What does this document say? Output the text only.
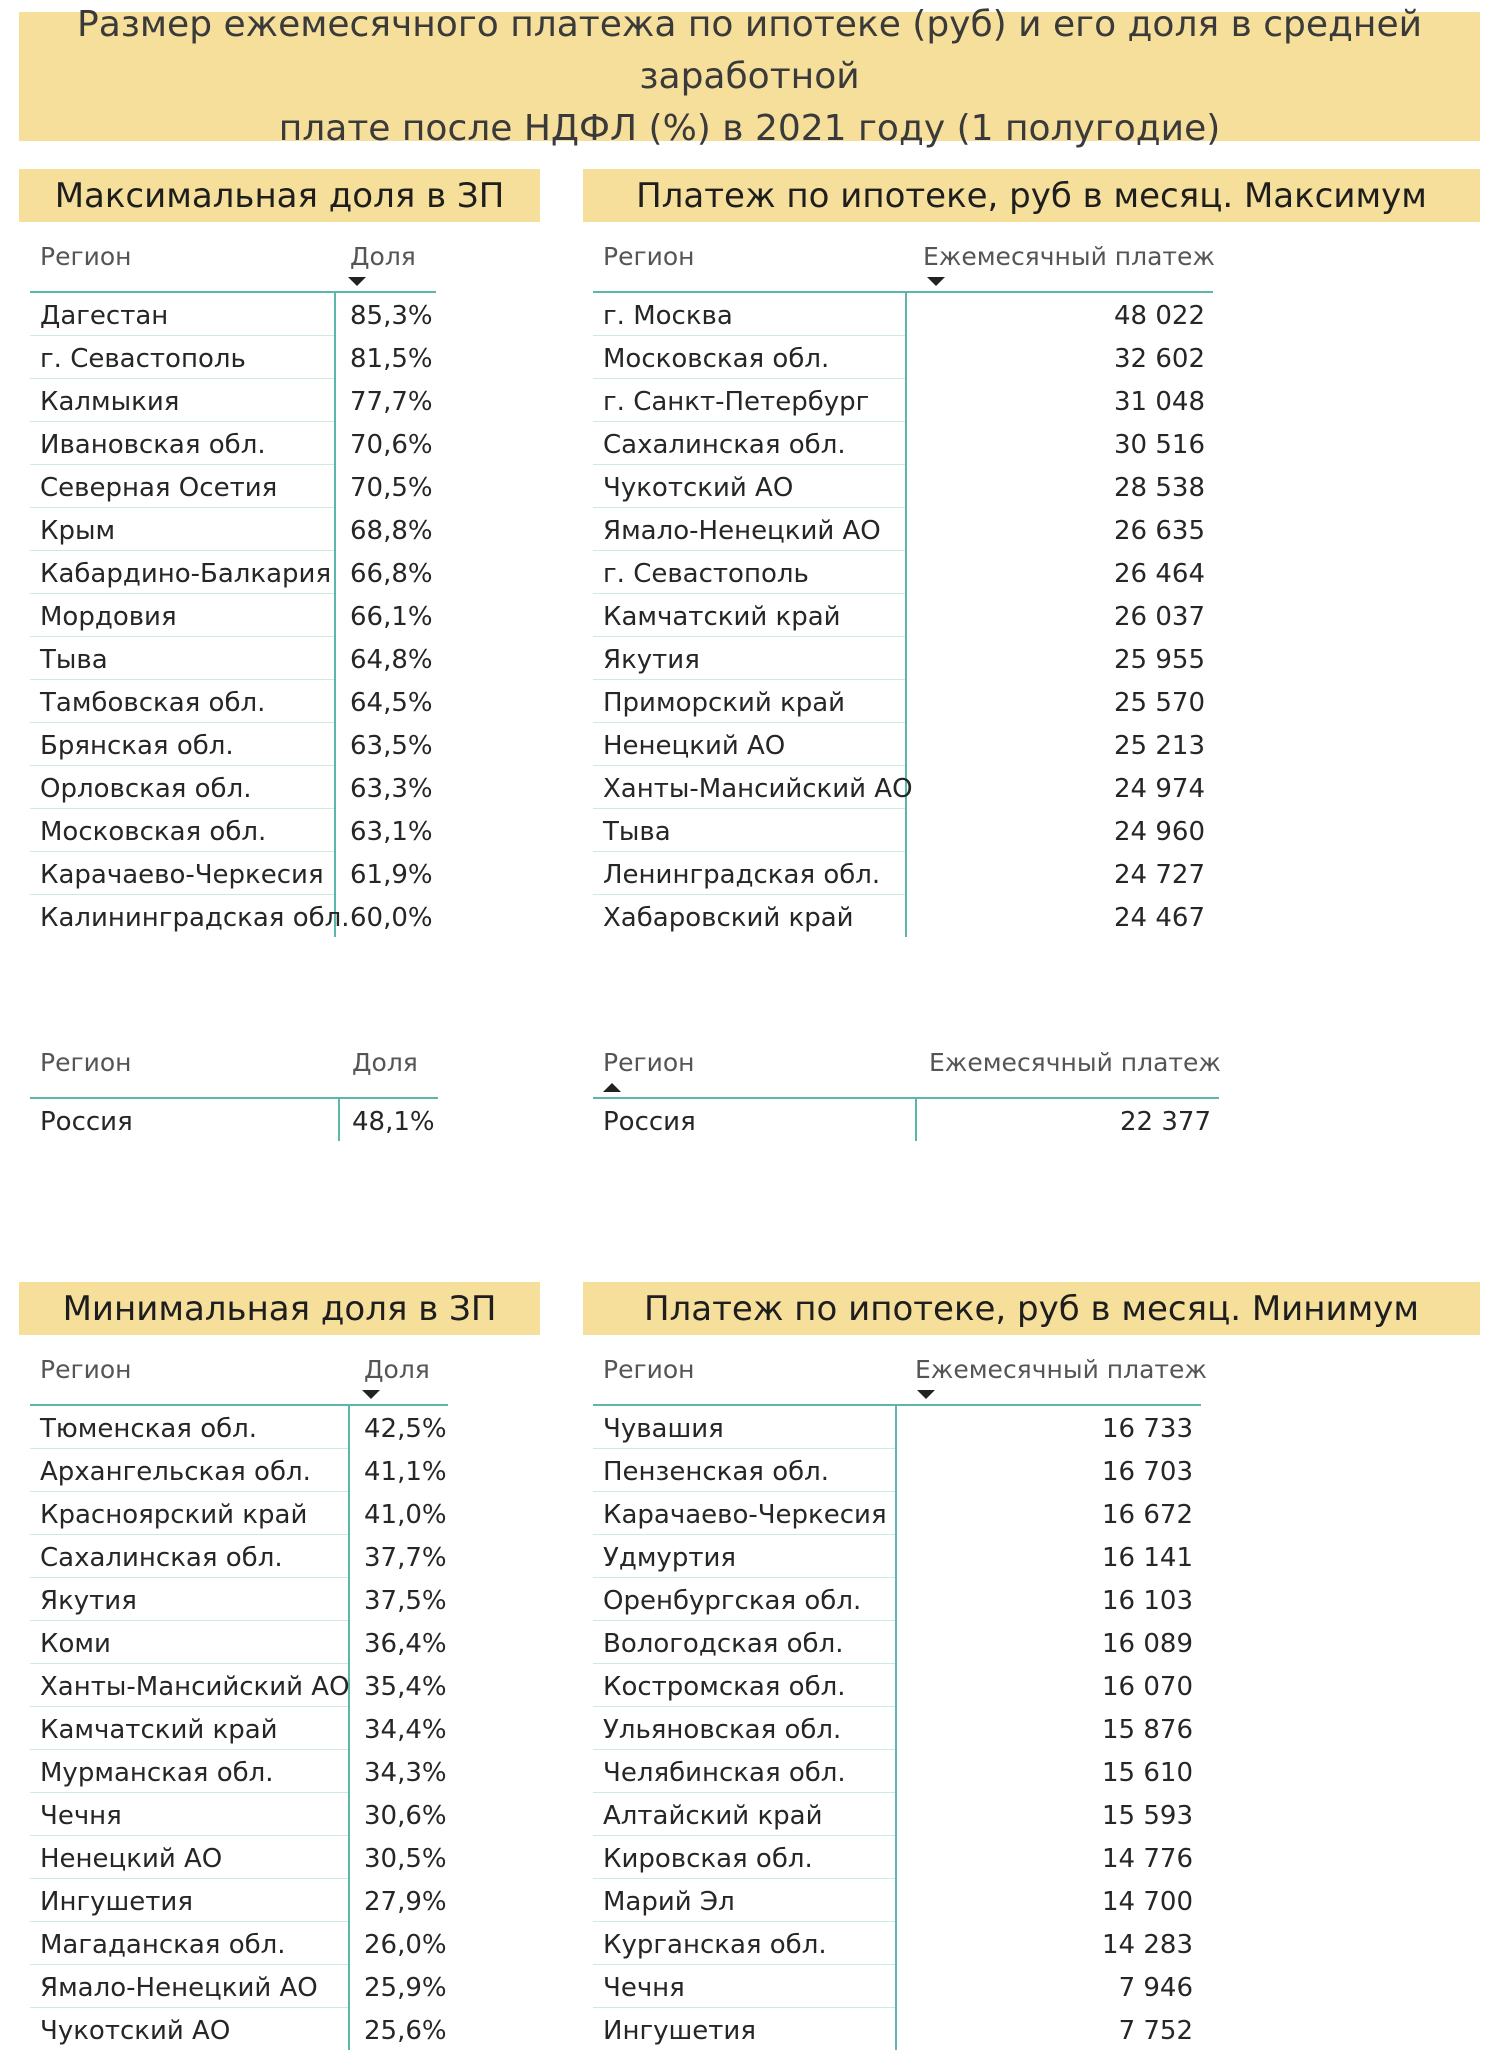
Размер ежемесячного платежа по ипотеке (руб) и его доля в средней заработной
плате после НДФЛ (%) в 2021 году (1 полугодие)
Максимальная доля в ЗП	Платеж по ипотеке, руб в месяц. Максимум
Минимальная доля в ЗП	Платеж по ипотеке, руб в месяц. Минимум
Регион	Доля
Дагестан	85,3%
г. Севастополь	81,5%
Калмыкия	77,7%
Ивановская обл.	70,6%
Северная Осетия	70,5%
Крым	68,8%
Кабардино-Балкария 66,8%
Мордовия	66,1%
Тыва	64,8%
Тамбовская обл.	64,5%
Брянская обл.	63,5%
Орловская обл.	63,3%
Московская обл.	63,1%
Карачаево-Черкесия 61,9%
Калининградская обл. 60,0%
Регион	Ежемесячный платеж
г. Москва	48 022
Московская обл.	32 602
г. Санкт-Петербург	31 048
Сахалинская обл.	30 516
Чукотский АО	28 538
Ямало-Ненецкий АО	26 635
г. Севастополь	26 464
Камчатский край	26 037
Якутия	25 955
Приморский край	25 570
Ненецкий АО	25 213
Ханты-Мансийский АО	24 974
Тыва	24 960
Ленинградская обл.	24 727
Хабаровский край	24 467
Регион	Доля
Россия	48,1%
Регион	Ежемесячный платеж
Россия	22 377
Регион	Доля
Тюменская обл.	42,5%
Архангельская обл. 41,1%
Красноярский край 41,0%
Сахалинская обл.	37,7%
Якутия	37,5%
Коми	36,4%
Ханты-Мансийский АО 35,4%
Камчатский край	34,4%
Мурманская обл.	34,3%
Чечня	30,6%
Ненецкий АО	30,5%
Ингушетия	27,9%
Магаданская обл.	26,0%
Ямало-Ненецкий АО 25,9%
Чукотский АО	25,6%
Регион	Ежемесячный платеж
Чувашия	16 733
Пензенская обл.	16 703
Карачаево-Черкесия	16 672
Удмуртия	16 141
Оренбургская обл.	16 103
Вологодская обл.	16 089
Костромская обл.	16 070
Ульяновская обл.	15 876
Челябинская обл.	15 610
Алтайский край	15 593
Кировская обл.	14 776
Марий Эл	14 700
Курганская обл.	14 283
Чечня	7 946
Ингушетия	7 752
